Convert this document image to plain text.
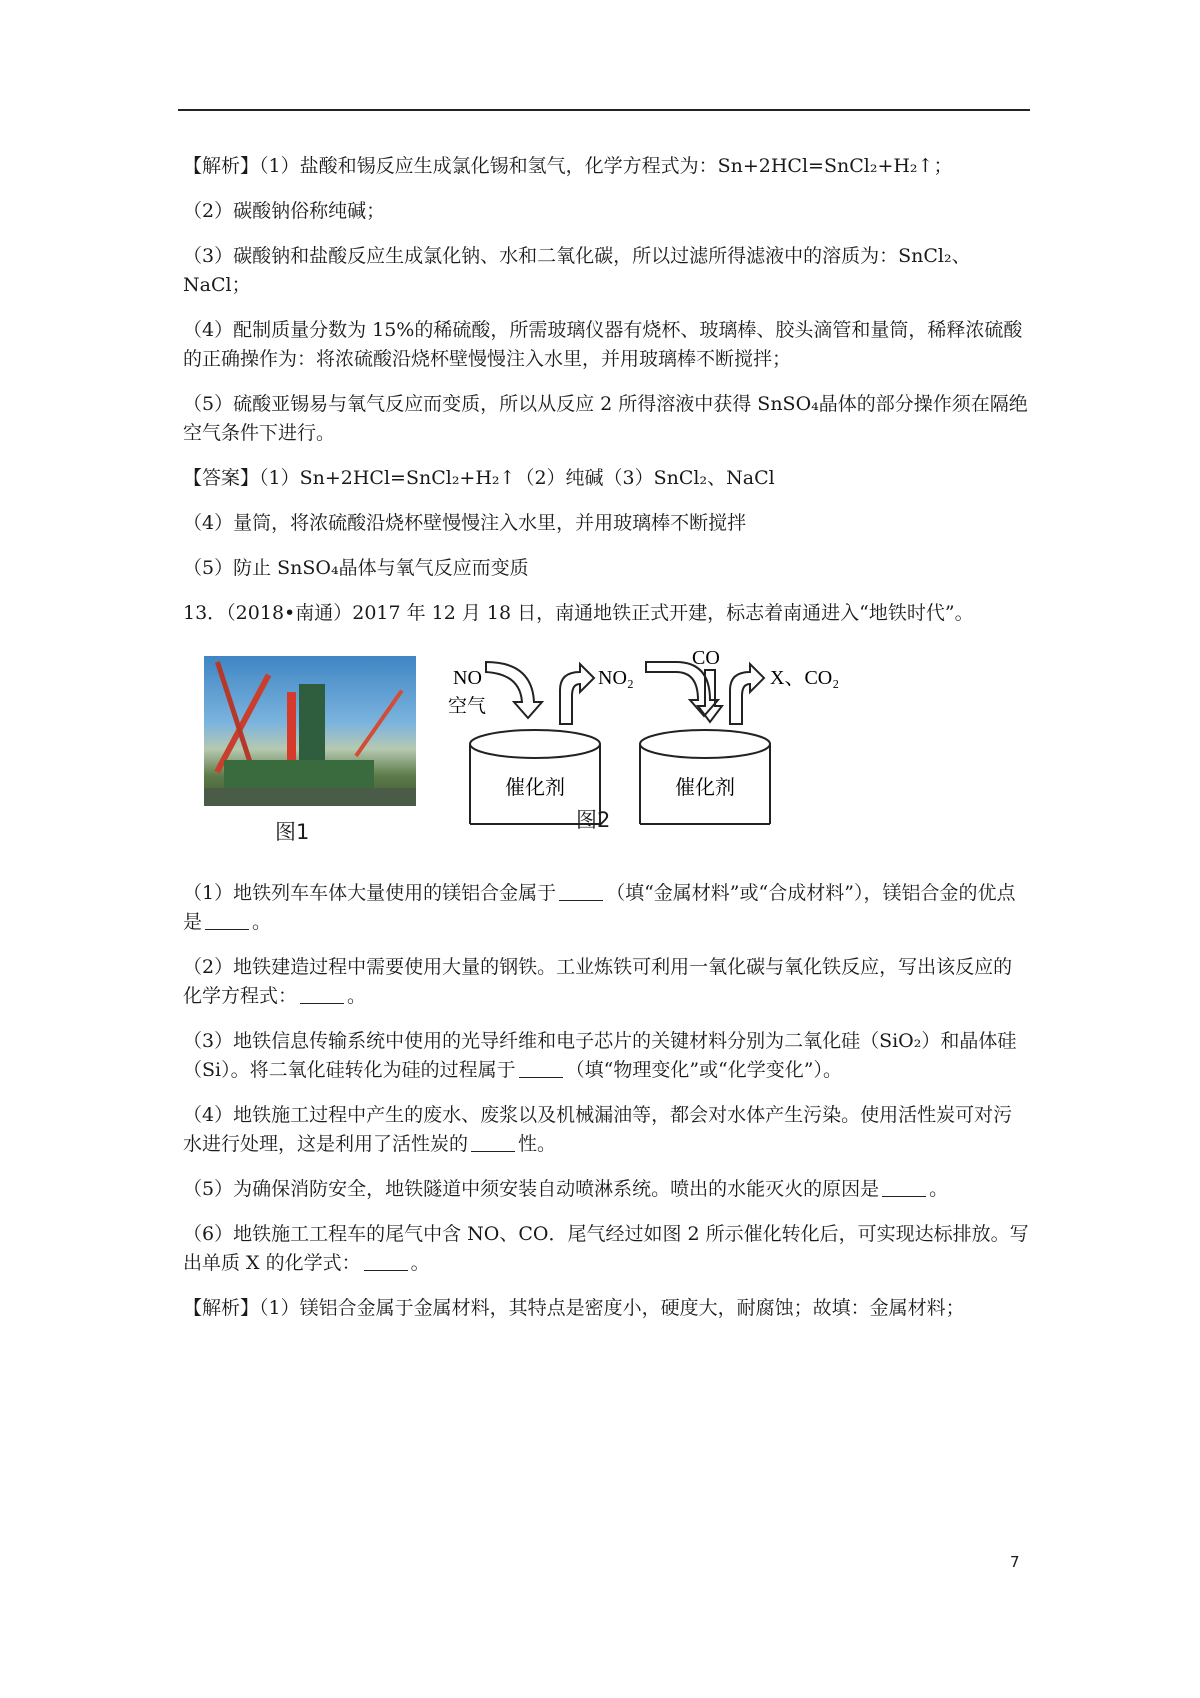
【解析】（1）盐酸和锡反应生成氯化锡和氢气，化学方程式为：Sn+2HCl=SnCl₂+H₂↑；

（2）碳酸钠俗称纯碱；

（3）碳酸钠和盐酸反应生成氯化钠、水和二氧化碳，所以过滤所得滤液中的溶质为：SnCl₂、NaCl；

（4）配制质量分数为 15%的稀硫酸，所需玻璃仪器有烧杯、玻璃棒、胶头滴管和量筒，稀释浓硫酸的正确操作为：将浓硫酸沿烧杯壁慢慢注入水里，并用玻璃棒不断搅拌；

（5）硫酸亚锡易与氧气反应而变质，所以从反应 2 所得溶液中获得 SnSO₄晶体的部分操作须在隔绝空气条件下进行。

【答案】（1）Sn+2HCl=SnCl₂+H₂↑（2）纯碱（3）SnCl₂、NaCl

（4）量筒，将浓硫酸沿烧杯壁慢慢注入水里，并用玻璃棒不断搅拌

（5）防止 SnSO₄晶体与氧气反应而变质

13．（2018•南通）2017 年 12 月 18 日，南通地铁正式开建，标志着南通进入“地铁时代”。

图1
NO
空气
NO₂
CO
X、CO₂
催化剂	催化剂
图2

（1）地铁列车车体大量使用的镁铝合金属于	（填“金属材料”或“合成材料”），镁铝合金的优点是	。

（2）地铁建造过程中需要使用大量的钢铁。工业炼铁可利用一氧化碳与氧化铁反应，写出该反应的化学方程式：	。

（3）地铁信息传输系统中使用的光导纤维和电子芯片的关键材料分别为二氧化硅（SiO₂）和晶体硅（Si）。将二氧化硅转化为硅的过程属于	（填“物理变化”或“化学变化”）。

（4）地铁施工过程中产生的废水、废浆以及机械漏油等，都会对水体产生污染。使用活性炭可对污水进行处理，这是利用了活性炭的	性。

（5）为确保消防安全，地铁隧道中须安装自动喷淋系统。喷出的水能灭火的原因是	。

（6）地铁施工工程车的尾气中含 NO、CO．尾气经过如图 2 所示催化转化后，可实现达标排放。写出单质 X 的化学式：	。

【解析】（1）镁铝合金属于金属材料，其特点是密度小，硬度大，耐腐蚀；故填：金属材料；

7
